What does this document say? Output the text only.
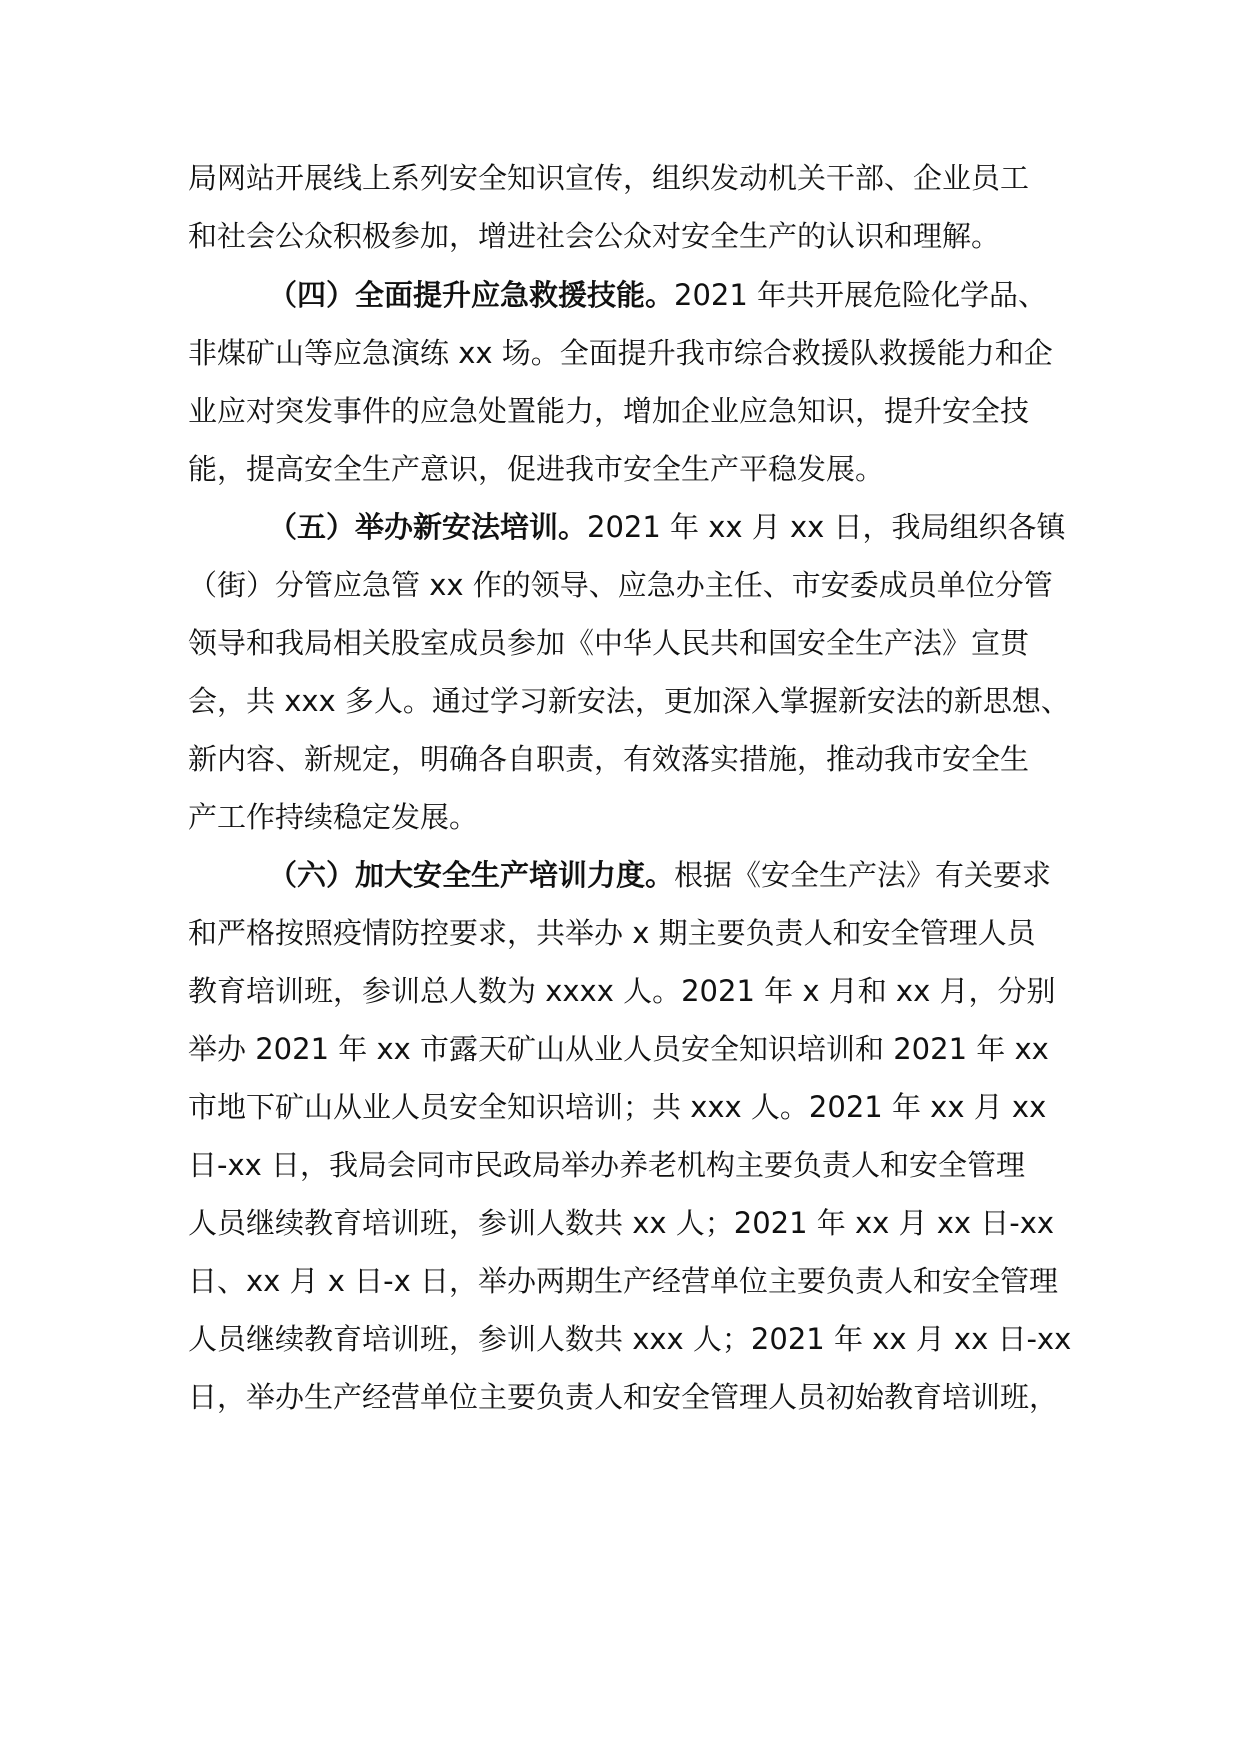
局网站开展线上系列安全知识宣传，组织发动机关干部、企业员工
和社会公众积极参加，增进社会公众对安全生产的认识和理解。
（四）全面提升应急救援技能。2021 年共开展危险化学品、
非煤矿山等应急演练 xx 场。全面提升我市综合救援队救援能力和企
业应对突发事件的应急处置能力，增加企业应急知识，提升安全技
能，提高安全生产意识，促进我市安全生产平稳发展。
（五）举办新安法培训。2021 年 xx 月 xx 日，我局组织各镇
（街）分管应急管 xx 作的领导、应急办主任、市安委成员单位分管
领导和我局相关股室成员参加《中华人民共和国安全生产法》宣贯
会，共 xxx 多人。通过学习新安法，更加深入掌握新安法的新思想、
新内容、新规定，明确各自职责，有效落实措施，推动我市安全生
产工作持续稳定发展。
（六）加大安全生产培训力度。根据《安全生产法》有关要求
和严格按照疫情防控要求，共举办 x 期主要负责人和安全管理人员
教育培训班，参训总人数为 xxxx 人。2021 年 x 月和 xx 月，分别
举办 2021 年 xx 市露天矿山从业人员安全知识培训和 2021 年 xx
市地下矿山从业人员安全知识培训；共 xxx 人。2021 年 xx 月 xx
日-xx 日，我局会同市民政局举办养老机构主要负责人和安全管理
人员继续教育培训班，参训人数共 xx 人；2021 年 xx 月 xx 日-xx
日、xx 月 x 日-x 日，举办两期生产经营单位主要负责人和安全管理
人员继续教育培训班，参训人数共 xxx 人；2021 年 xx 月 xx 日-xx
日，举办生产经营单位主要负责人和安全管理人员初始教育培训班，
